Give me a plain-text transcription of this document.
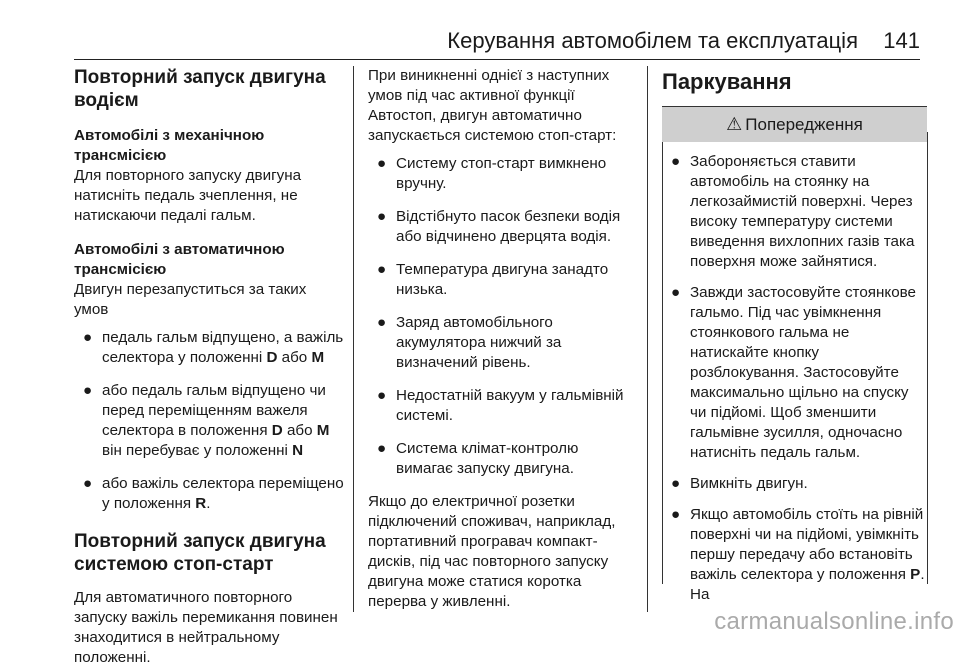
Керування автомобілем та експлуатація 141
Повторний запуск двигуна водієм
Автомобілі з механічною трансмісією

Для повторного запуску двигуна натисніть педаль зчеплення, не натискаючи педалі гальм.

Автомобілі з автоматичною трансмісією

Двигун перезапуститься за таких умов

● педаль гальм відпущено, а важіль селектора у положенні D або M
● або педаль гальм відпущено чи перед переміщенням важеля селектора в положення D або M він перебуває у положенні N
● або важіль селектора переміщено у положення R.
Повторний запуск двигуна системою стоп-старт

Для автоматичного повторного запуску важіль перемикання повинен знаходитися в нейтральному положенні.

При виникненні однієї з наступних умов під час активної функції Автостоп, двигун автоматично запускається системою стоп-старт:

● Систему стоп-старт вимкнено вручну.
● Відстібнуто пасок безпеки водія або відчинено дверцята водія.
● Температура двигуна занадто низька.
● Заряд автомобільного акумулятора нижчий за визначений рівень.
● Недостатній вакуум у гальмівній системі.
● Система клімат-контролю вимагає запуску двигуна.

Якщо до електричної розетки підключений споживач, наприклад, портативний програвач компакт-дисків, під час повторного запуску двигуна може статися коротка перерва у живленні.

Паркування
⚠ Попередження
● Забороняється ставити автомобіль на стоянку на легкозаймистій поверхні. Через високу температуру системи виведення вихлопних газів така поверхня може зайнятися.
● Завжди застосовуйте стоянкове гальмо. Під час увімкнення стоянкового гальма не натискайте кнопку розблокування. Застосовуйте максимально щільно на спуску чи підйомі. Щоб зменшити гальмівне зусилля, одночасно натисніть педаль гальм.
● Вимкніть двигун.
● Якщо автомобіль стоїть на рівній поверхні чи на підйомі, увімкніть першу передачу або встановіть важіль селектора у положення P. На
carmanualsonline.info
